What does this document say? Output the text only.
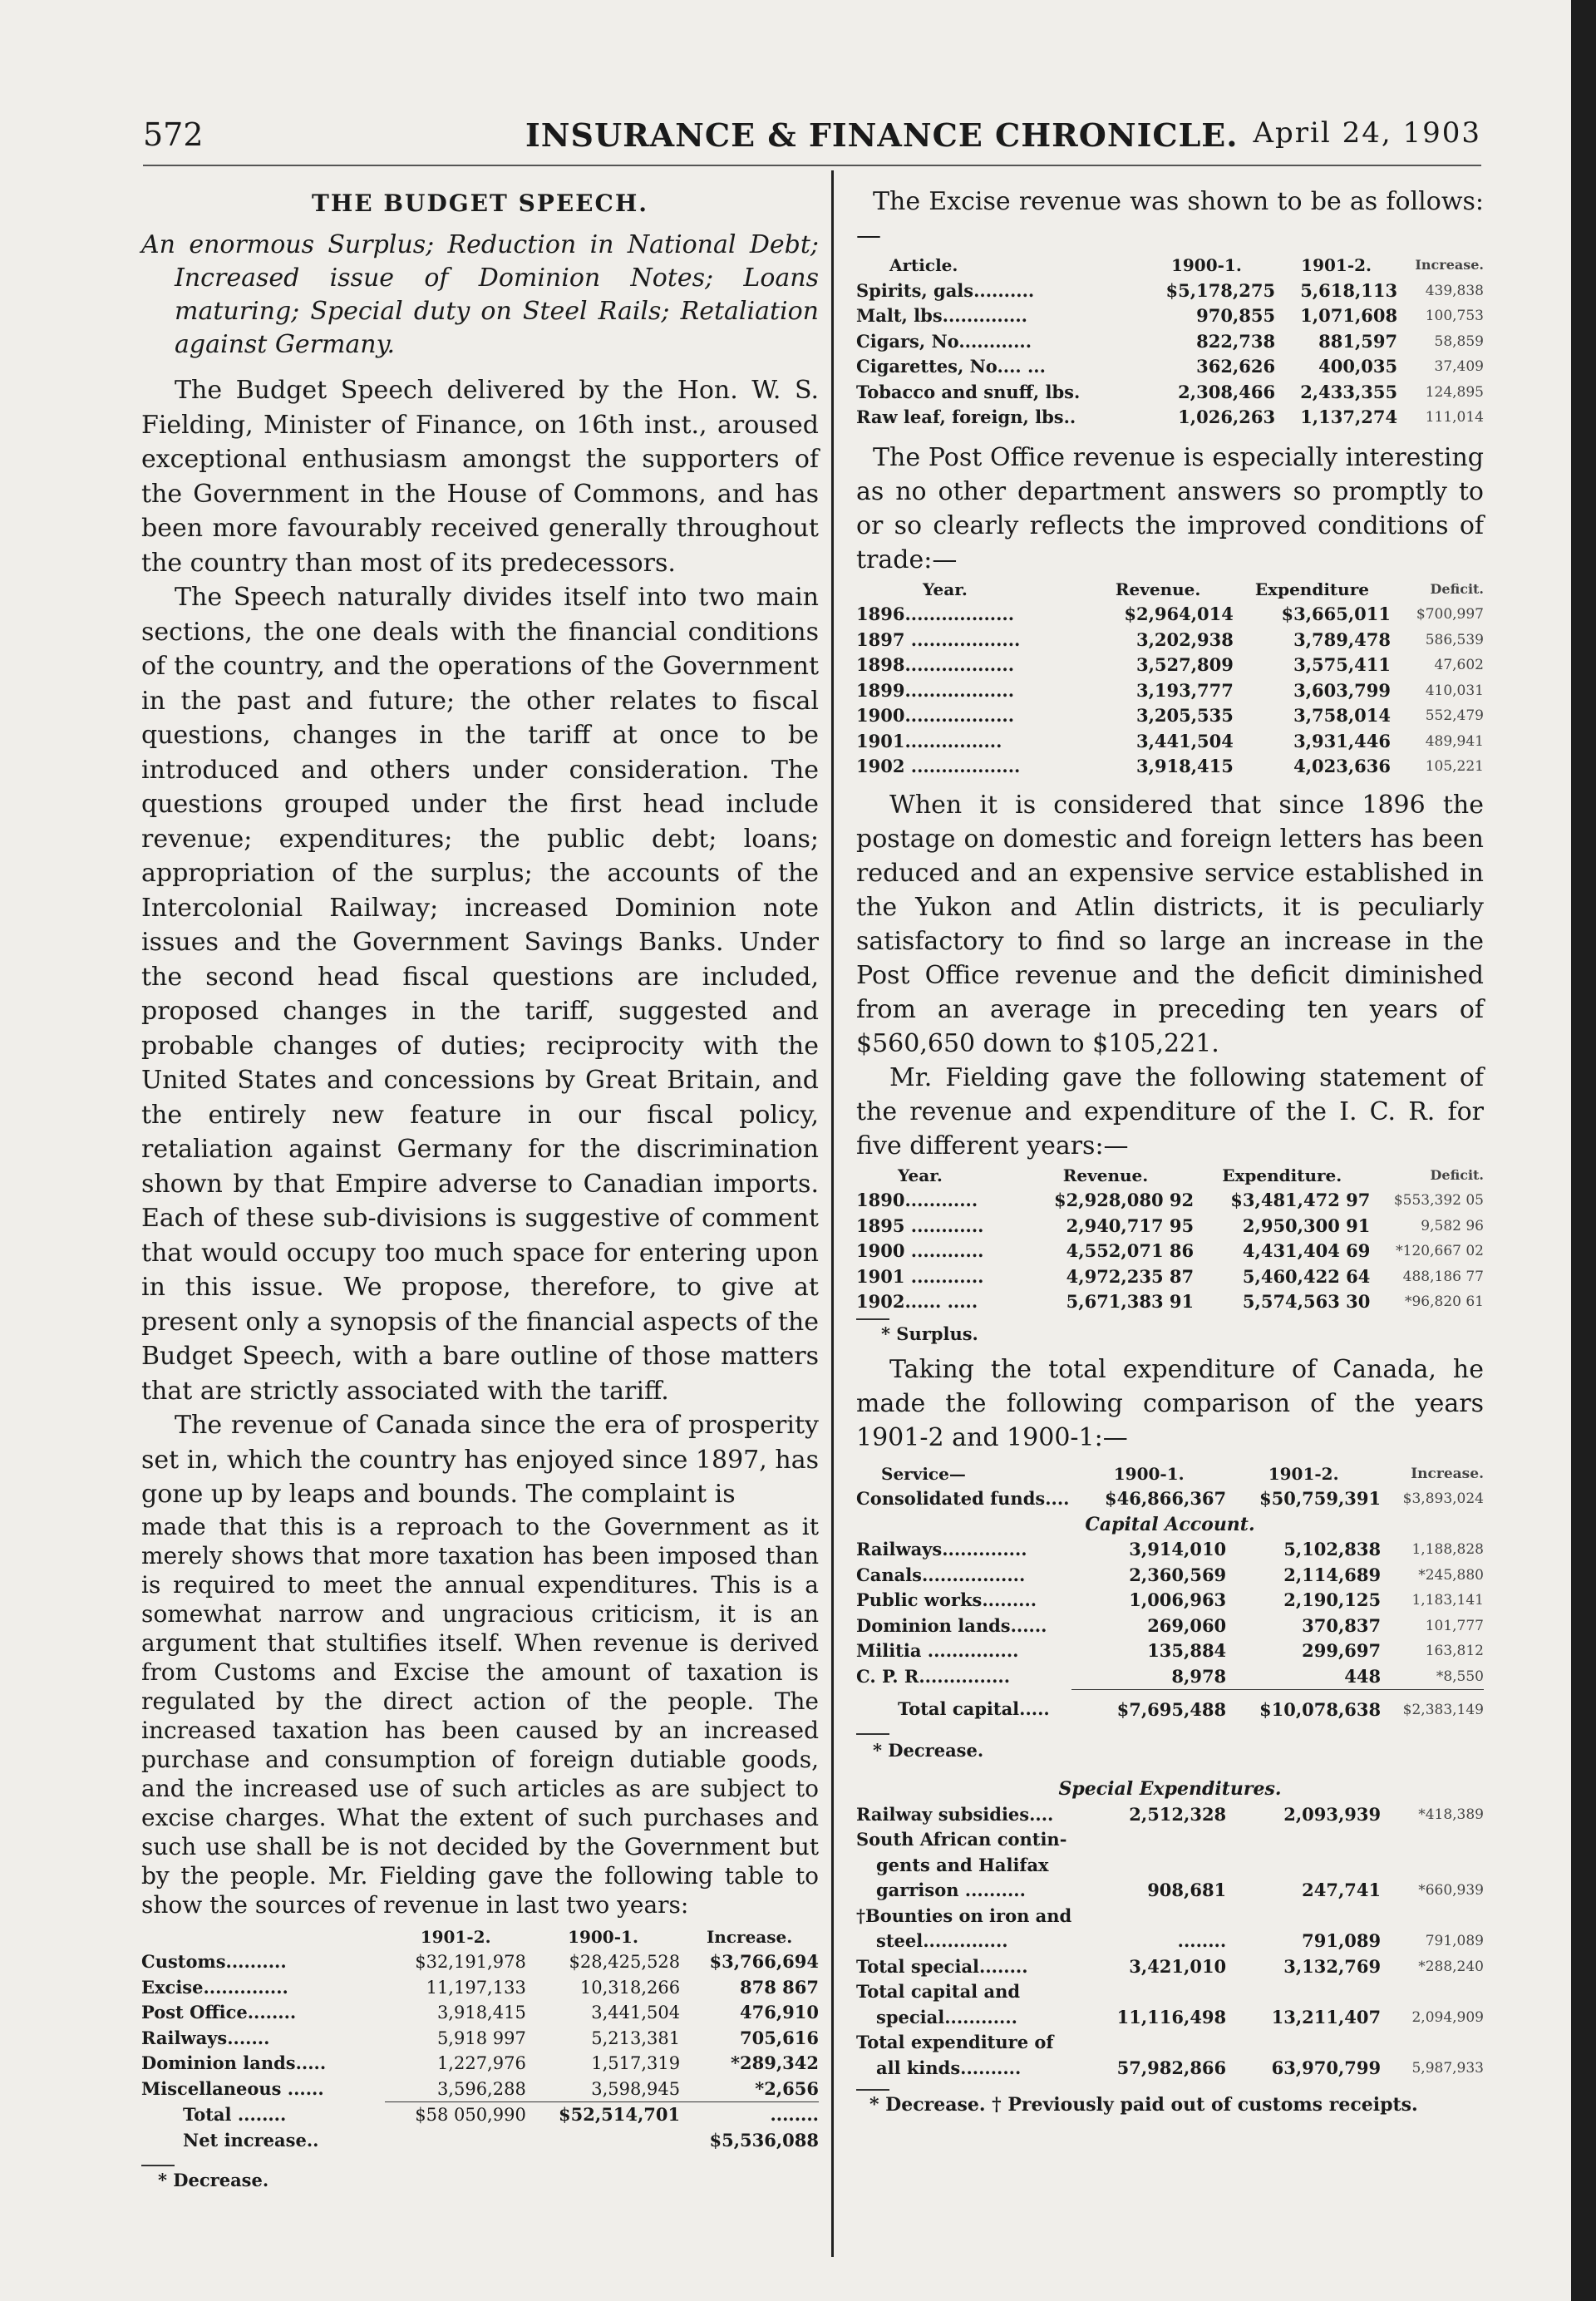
572	INSURANCE & FINANCE CHRONICLE. April 24, 1903
THE BUDGET SPEECH.

An enormous Surplus; Reduction in National Debt; Increased issue of Dominion Notes; Loans maturing; Special duty on Steel Rails; Retaliation against Germany.

The Budget Speech delivered by the Hon. W. S. Fielding, Minister of Finance, on 16th inst., aroused exceptional enthusiasm amongst the supporters of the Government in the House of Commons, and has been more favourably received generally throughout the country than most of its predecessors.

The Speech naturally divides itself into two main sections, the one deals with the financial conditions of the country, and the operations of the Government in the past and future; the other relates to fiscal questions, changes in the tariff at once to be introduced and others under consideration. The questions grouped under the first head include revenue; expenditures; the public debt; loans; appropriation of the surplus; the accounts of the Intercolonial Railway; increased Dominion note issues and the Government Savings Banks. Under the second head fiscal questions are included, proposed changes in the tariff, suggested and probable changes of duties; reciprocity with the United States and concessions by Great Britain, and the entirely new feature in our fiscal policy, retaliation against Germany for the discrimination shown by that Empire adverse to Canadian imports. Each of these sub-divisions is suggestive of comment that would occupy too much space for entering upon in this issue. We propose, therefore, to give at present only a synopsis of the financial aspects of the Budget Speech, with a bare outline of those matters that are strictly associated with the tariff.

The revenue of Canada since the era of prosperity set in, which the country has enjoyed since 1897, has gone up by leaps and bounds. The complaint is

made that this is a reproach to the Government as it merely shows that more taxation has been imposed than is required to meet the annual expenditures. This is a somewhat narrow and ungracious criticism, it is an argument that stultifies itself. When revenue is derived from Customs and Excise the amount of taxation is regulated by the direct action of the people. The increased taxation has been caused by an increased purchase and consumption of foreign dutiable goods, and the increased use of such articles as are subject to excise charges. What the extent of such purchases and such use shall be is not decided by the Government but by the people. Mr. Fielding gave the following table to show the sources of revenue in last two years:

	1901-2.	1900-1.	Increase.
Customs..........	$32,191,978	$28,425,528	$3,766,694
Excise..............	11,197,133	10,318,266	878 867
Post Office........	3,918,415	3,441,504	476,910
Railways.......	5,918 997	5,213,381	705,616
Dominion lands.....	1,227,976	1,517,319	*289,342
Miscellaneous ......	3,596,288	3,598,945	*2,656
Total ........	$58 050,990	$52,514,701	........
Net increase..			$5,536,088
* Decrease.

The Excise revenue was shown to be as follows:—

Article.	1900-1.	1901-2.	Increase.
Spirits, gals..........	$5,178,275	5,618,113	439,838
Malt, lbs..............	970,855	1,071,608	100,753
Cigars, No............	822,738	881,597	58,859
Cigarettes, No.... ...	362,626	400,035	37,409
Tobacco and snuff, lbs.	2,308,466	2,433,355	124,895
Raw leaf, foreign, lbs..	1,026,263	1,137,274	111,014

The Post Office revenue is especially interesting as no other department answers so promptly to or so clearly reflects the improved conditions of trade:—

Year.	Revenue.	Expenditure	Deficit.
1896..................	$2,964,014	$3,665,011	$700,997
1897 ..................	3,202,938	3,789,478	586,539
1898..................	3,527,809	3,575,411	47,602
1899..................	3,193,777	3,603,799	410,031
1900..................	3,205,535	3,758,014	552,479
1901................	3,441,504	3,931,446	489,941
1902 ..................	3,918,415	4,023,636	105,221

When it is considered that since 1896 the postage on domestic and foreign letters has been reduced and an expensive service established in the Yukon and Atlin districts, it is peculiarly satisfactory to find so large an increase in the Post Office revenue and the deficit diminished from an average in preceding ten years of $560,650 down to $105,221.

Mr. Fielding gave the following statement of the revenue and expenditure of the I. C. R. for five different years:—

Year.	Revenue.	Expenditure.	Deficit.
1890............	$2,928,080 92	$3,481,472 97	$553,392 05
1895 ............	2,940,717 95	2,950,300 91	9,582 96
1900 ............	4,552,071 86	4,431,404 69	*120,667 02
1901 ............	4,972,235 87	5,460,422 64	488,186 77
1902...... .....	5,671,383 91	5,574,563 30	*96,820 61
* Surplus.

Taking the total expenditure of Canada, he made the following comparison of the years 1901-2 and 1900-1:—

Service—	1900-1.	1901-2.	Increase.
Consolidated funds....	$46,866,367	$50,759,391	$3,893,024
Capital Account.			
Railways..............	3,914,010	5,102,838	1,188,828
Canals.................	2,360,569	2,114,689	*245,880
Public works.........	1,006,963	2,190,125	1,183,141
Dominion lands......	269,060	370,837	101,777
Militia ...............	135,884	299,697	163,812
C. P. R...............	8,978	448	*8,550
Total capital.....	$7,695,488	$10,078,638	$2,383,149

* Decrease.			
Special Expenditures.			
Railway subsidies....	2,512,328	2,093,939	*418,389
South African contin-			
gents and Halifax			
garrison ..........	908,681	247,741	*660,939
†Bounties on iron and			
steel..............	........	791,089	791,089
Total special........	3,421,010	3,132,769	*288,240
Total capital and			
special............	11,116,498	13,211,407	2,094,909
Total expenditure of			
all kinds..........	57,982,866	63,970,799	5,987,933
* Decrease. † Previously paid out of customs receipts.
